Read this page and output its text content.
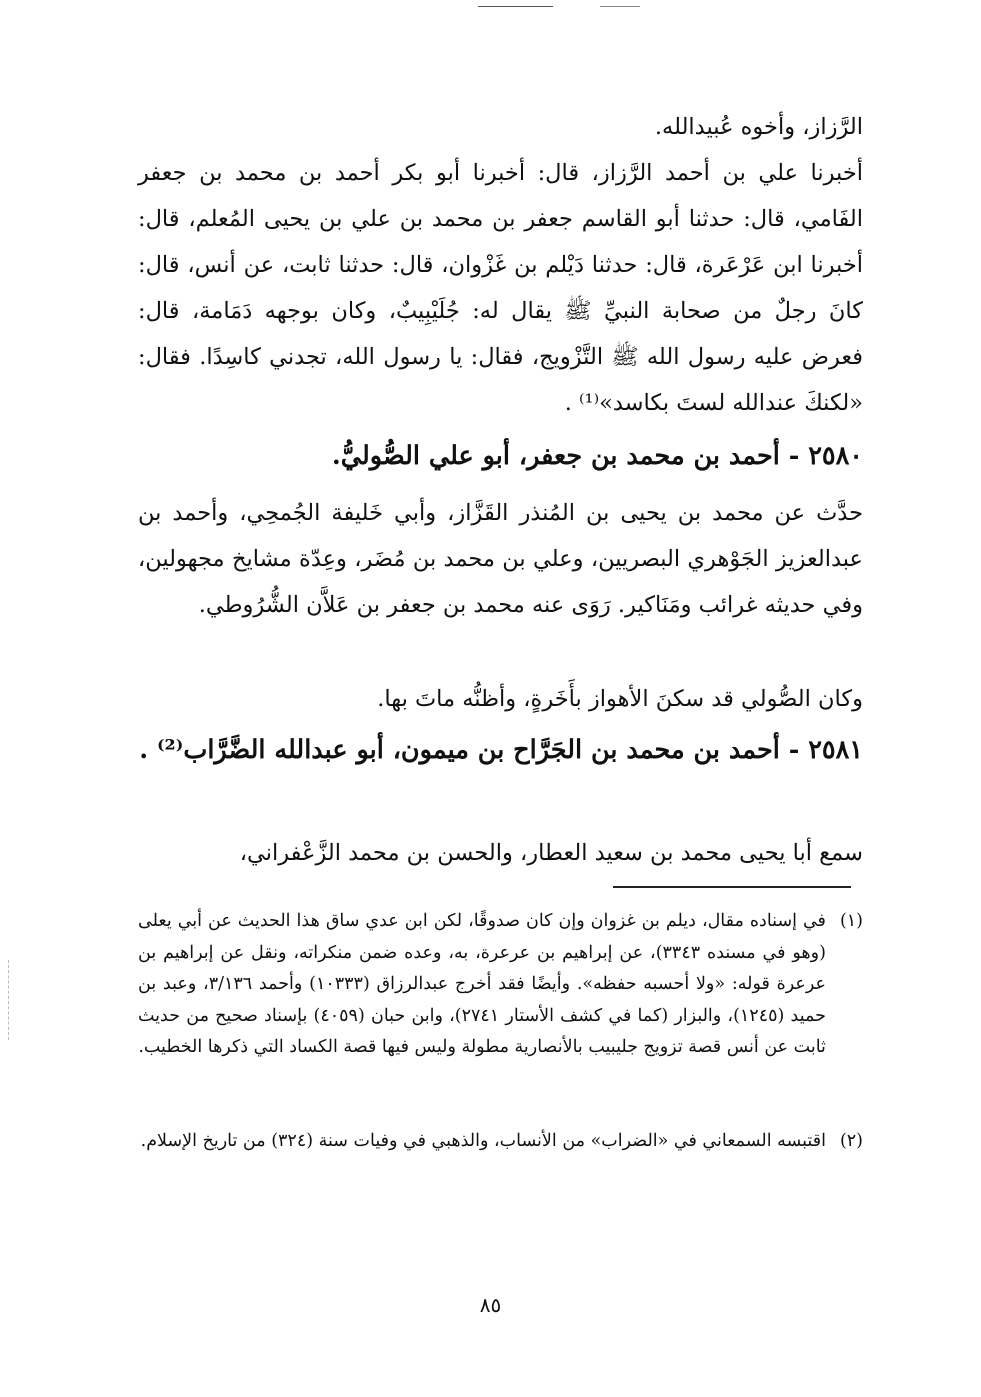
الرَّزاز، وأخوه عُبيدالله.

أخبرنا علي بن أحمد الرَّزاز، قال: أخبرنا أبو بكر أحمد بن محمد بن جعفر الفَامي، قال: حدثنا أبو القاسم جعفر بن محمد بن علي بن يحيى المُعلم، قال: أخبرنا ابن عَرْعَرة، قال: حدثنا دَيْلم بن غَزْوان، قال: حدثنا ثابت، عن أنس، قال: كانَ رجلٌ من صحابة النبيِّ ﷺ يقال له: جُلَيْبِيبٌ، وكان بوجهه دَمَامة، قال: فعرض عليه رسول الله ﷺ التَّزْويج، فقال: يا رسول الله، تجدني كاسِدًا. فقال: «لكنكَ عندالله لستَ بكاسد»⁽¹⁾ .

٢٥٨٠ - أحمد بن محمد بن جعفر، أبو علي الصُّوليُّ.

حدَّث عن محمد بن يحيى بن المُنذر القَزَّاز، وأبي خَليفة الجُمحِي، وأحمد بن عبدالعزيز الجَوْهري البصريين، وعلي بن محمد بن مُضَر، وعِدّة مشايخ مجهولين، وفي حديثه غرائب ومَنَاكير. رَوَى عنه محمد بن جعفر بن عَلاَّن الشُّرُوطي.

وكان الصُّولي قد سكنَ الأهواز بأَخَرةٍ، وأظنُّه ماتَ بها.

٢٥٨١ - أحمد بن محمد بن الجَرَّاح بن ميمون، أبو عبدالله الضَّرَّاب⁽²⁾ .

سمع أبا يحيى محمد بن سعيد العطار، والحسن بن محمد الزَّعْفراني،

(١)
في إسناده مقال، ديلم بن غزوان وإن كان صدوقًا، لكن ابن عدي ساق هذا الحديث عن أبي يعلى (وهو في مسنده ٣٣٤٣)، عن إبراهيم بن عرعرة، به، وعده ضمن منكراته، ونقل عن إبراهيم بن عرعرة قوله: «ولا أحسبه حفظه». وأيضًا فقد أخرج عبدالرزاق (١٠٣٣٣) وأحمد ٣/١٣٦، وعبد بن حميد (١٢٤٥)، والبزار (كما في كشف الأستار ٢٧٤١)، وابن حبان (٤٠٥٩) بإسناد صحيح من حديث ثابت عن أنس قصة تزويج جليبيب بالأنصارية مطولة وليس فيها قصة الكساد التي ذكرها الخطيب.
(٢)
اقتبسه السمعاني في «الضراب» من الأنساب، والذهبي في وفيات سنة (٣٢٤) من تاريخ الإسلام.
٨٥
